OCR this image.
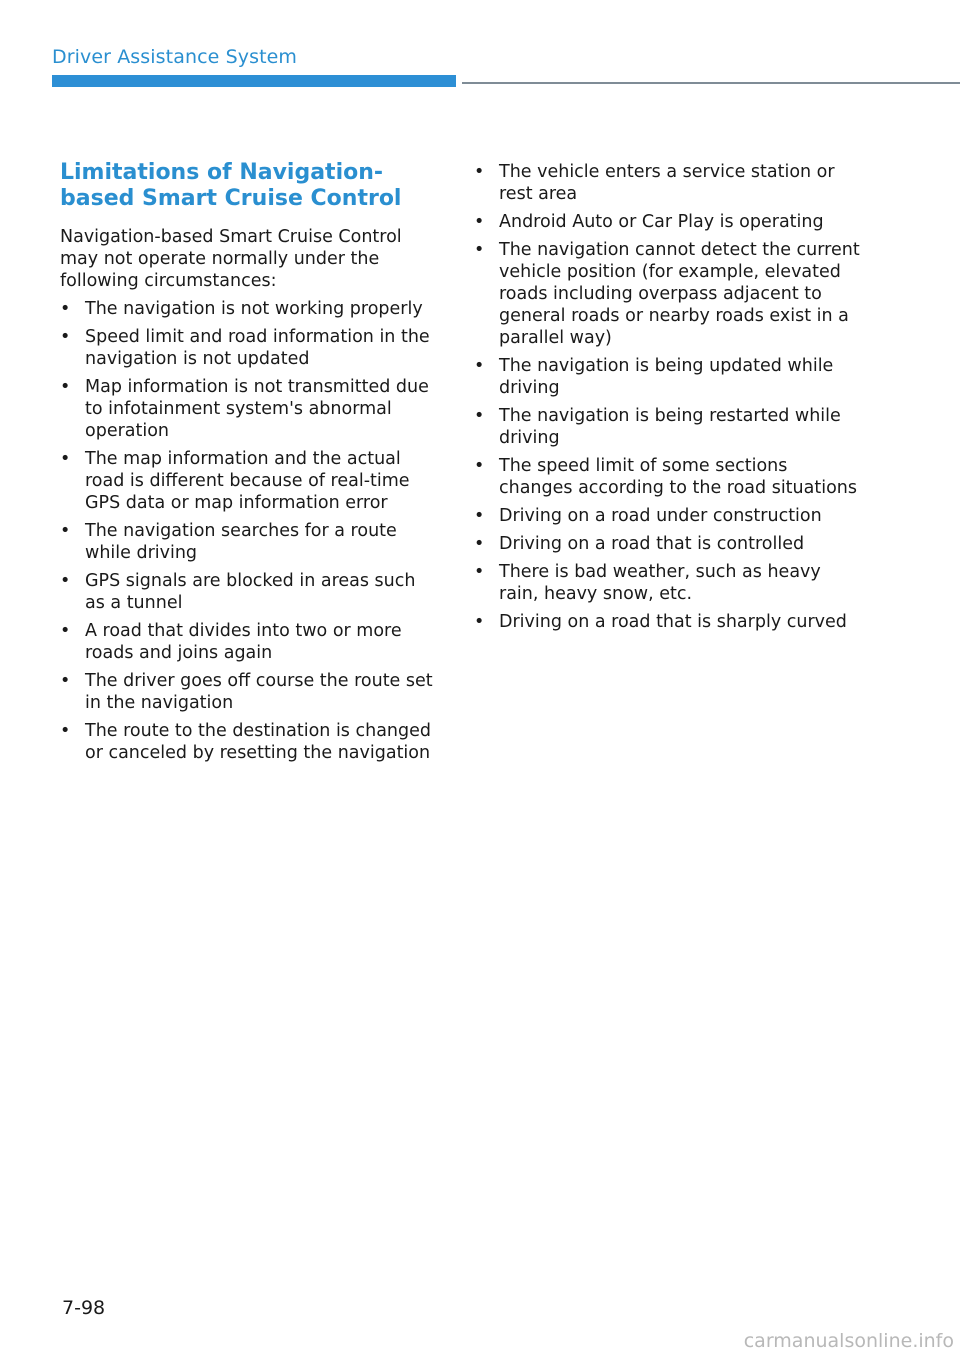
Driver Assistance System
Limitations of Navigation-based Smart Cruise Control

Navigation-based Smart Cruise Control may not operate normally under the following circumstances:

• The navigation is not working properly
• Speed limit and road information in the navigation is not updated
• Map information is not transmitted due to infotainment system's abnormal operation
• The map information and the actual road is different because of real-time GPS data or map information error
• The navigation searches for a route while driving
• GPS signals are blocked in areas such as a tunnel
• A road that divides into two or more roads and joins again
• The driver goes off course the route set in the navigation
• The route to the destination is changed or canceled by resetting the navigation
• The vehicle enters a service station or rest area
• Android Auto or Car Play is operating
• The navigation cannot detect the current vehicle position (for example, elevated roads including overpass adjacent to general roads or nearby roads exist in a parallel way)
• The navigation is being updated while driving
• The navigation is being restarted while driving
• The speed limit of some sections changes according to the road situations
• Driving on a road under construction
• Driving on a road that is controlled
• There is bad weather, such as heavy rain, heavy snow, etc.
• Driving on a road that is sharply curved
7-98
carmanualsonline.info
